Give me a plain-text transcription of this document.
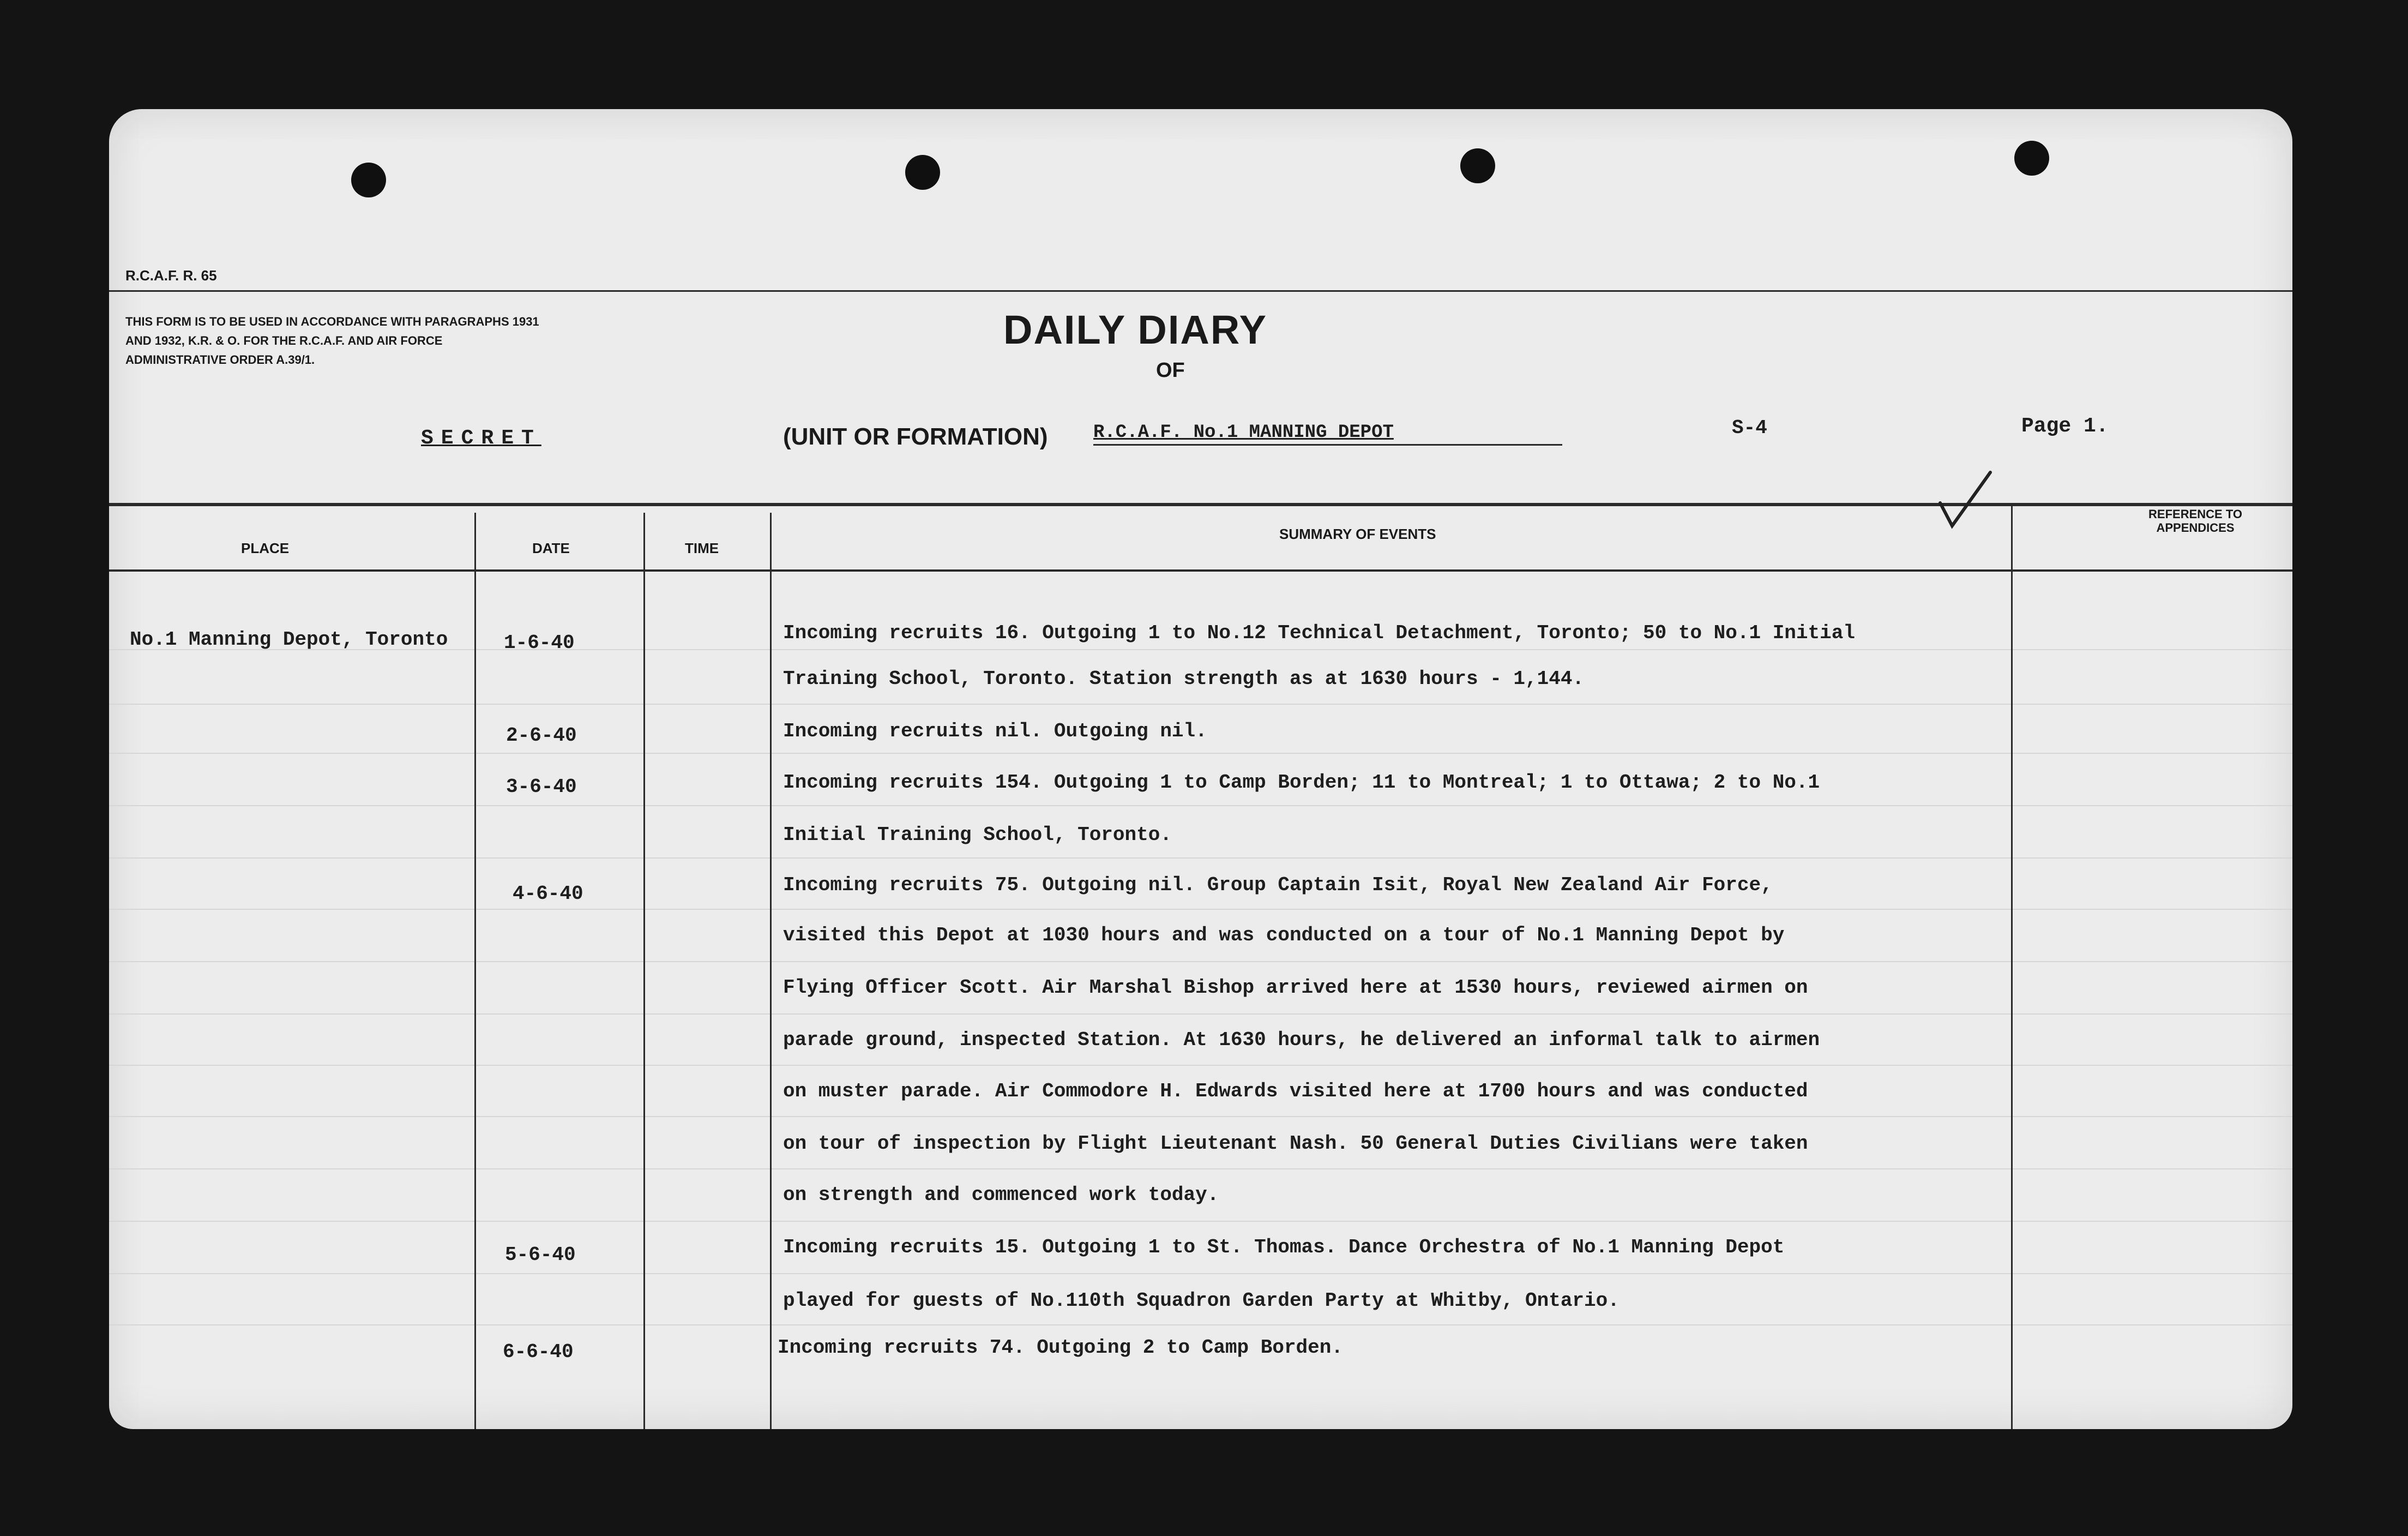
R.C.A.F. R. 65
THIS FORM IS TO BE USED IN ACCORDANCE WITH PARAGRAPHS 1931 AND 1932, K.R. & O. FOR THE R.C.A.F. AND AIR FORCE ADMINISTRATIVE ORDER A.39/1.
DAILY DIARY
OF
SECRET	(UNIT OR FORMATION) R.C.A.F. No.1 MANNING DEPOT	S-4	Page 1.
PLACE	DATE	TIME
SUMMARY OF EVENTS
REFERENCE TO APPENDICES
No.1 Manning Depot, Toronto	1-6-40	Incoming recruits 16. Outgoing 1 to No.12 Technical Detachment, Toronto; 50 to No.1 Initial
Training School, Toronto. Station strength as at 1630 hours - 1,144.
2-6-40	Incoming recruits nil. Outgoing nil.
3-6-40	Incoming recruits 154. Outgoing 1 to Camp Borden; 11 to Montreal; 1 to Ottawa; 2 to No.1
Initial Training School, Toronto.
4-6-40	Incoming recruits 75. Outgoing nil. Group Captain Isit, Royal New Zealand Air Force,
visited this Depot at 1030 hours and was conducted on a tour of No.1 Manning Depot by
Flying Officer Scott. Air Marshal Bishop arrived here at 1530 hours, reviewed airmen on
parade ground, inspected Station. At 1630 hours, he delivered an informal talk to airmen
on muster parade. Air Commodore H. Edwards visited here at 1700 hours and was conducted
on tour of inspection by Flight Lieutenant Nash. 50 General Duties Civilians were taken
on strength and commenced work today.
5-6-40	Incoming recruits 15. Outgoing 1 to St. Thomas. Dance Orchestra of No.1 Manning Depot
played for guests of No.110th Squadron Garden Party at Whitby, Ontario.
6-6-40	Incoming recruits 74. Outgoing 2 to Camp Borden.
